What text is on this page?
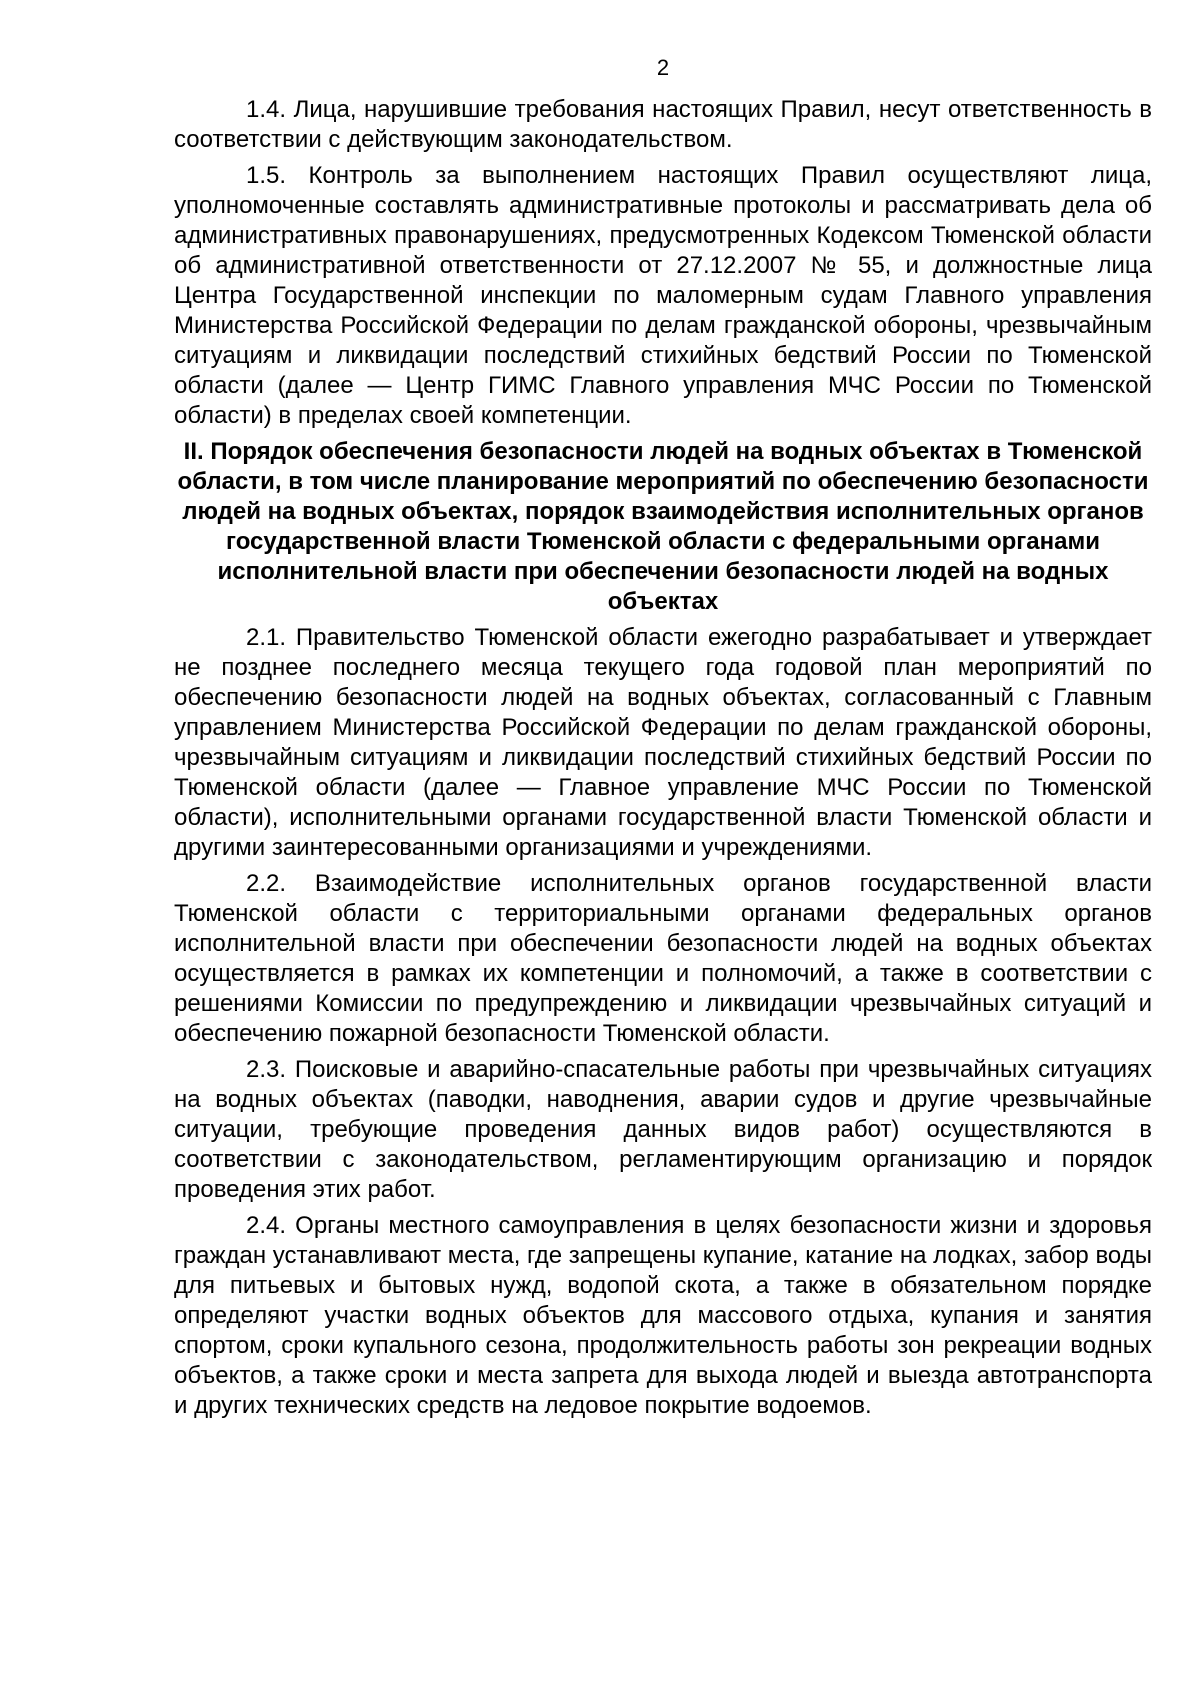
2

1.4. Лица, нарушившие требования настоящих Правил, несут ответственность в соответствии с действующим законодательством.

1.5. Контроль за выполнением настоящих Правил осуществляют лица, уполномоченные составлять административные протоколы и рассматривать дела об административных правонарушениях, предусмотренных Кодексом Тюменской области об административной ответственности от 27.12.2007 № 55, и должностные лица Центра Государственной инспекции по маломерным судам Главного управления Министерства Российской Федерации по делам гражданской обороны, чрезвычайным ситуациям и ликвидации последствий стихийных бедствий России по Тюменской области (далее — Центр ГИМС Главного управления МЧС России по Тюменской области) в пределах своей компетенции.

II. Порядок обеспечения безопасности людей на водных объектах в Тюменской области, в том числе планирование мероприятий по обеспечению безопасности людей на водных объектах, порядок взаимодействия исполнительных органов государственной власти Тюменской области с федеральными органами исполнительной власти при обеспечении безопасности людей на водных объектах

2.1. Правительство Тюменской области ежегодно разрабатывает и утверждает не позднее последнего месяца текущего года годовой план мероприятий по обеспечению безопасности людей на водных объектах, согласованный с Главным управлением Министерства Российской Федерации по делам гражданской обороны, чрезвычайным ситуациям и ликвидации последствий стихийных бедствий России по Тюменской области (далее — Главное управление МЧС России по Тюменской области), исполнительными органами государственной власти Тюменской области и другими заинтересованными организациями и учреждениями.

2.2. Взаимодействие исполнительных органов государственной власти Тюменской области с территориальными органами федеральных органов исполнительной власти при обеспечении безопасности людей на водных объектах осуществляется в рамках их компетенции и полномочий, а также в соответствии с решениями Комиссии по предупреждению и ликвидации чрезвычайных ситуаций и обеспечению пожарной безопасности Тюменской области.

2.3. Поисковые и аварийно-спасательные работы при чрезвычайных ситуациях на водных объектах (паводки, наводнения, аварии судов и другие чрезвычайные ситуации, требующие проведения данных видов работ) осуществляются в соответствии с законодательством, регламентирующим организацию и порядок проведения этих работ.

2.4. Органы местного самоуправления в целях безопасности жизни и здоровья граждан устанавливают места, где запрещены купание, катание на лодках, забор воды для питьевых и бытовых нужд, водопой скота, а также в обязательном порядке определяют участки водных объектов для массового отдыха, купания и занятия спортом, сроки купального сезона, продолжительность работы зон рекреации водных объектов, а также сроки и места запрета для выхода людей и выезда автотранспорта и других технических средств на ледовое покрытие водоемов.
